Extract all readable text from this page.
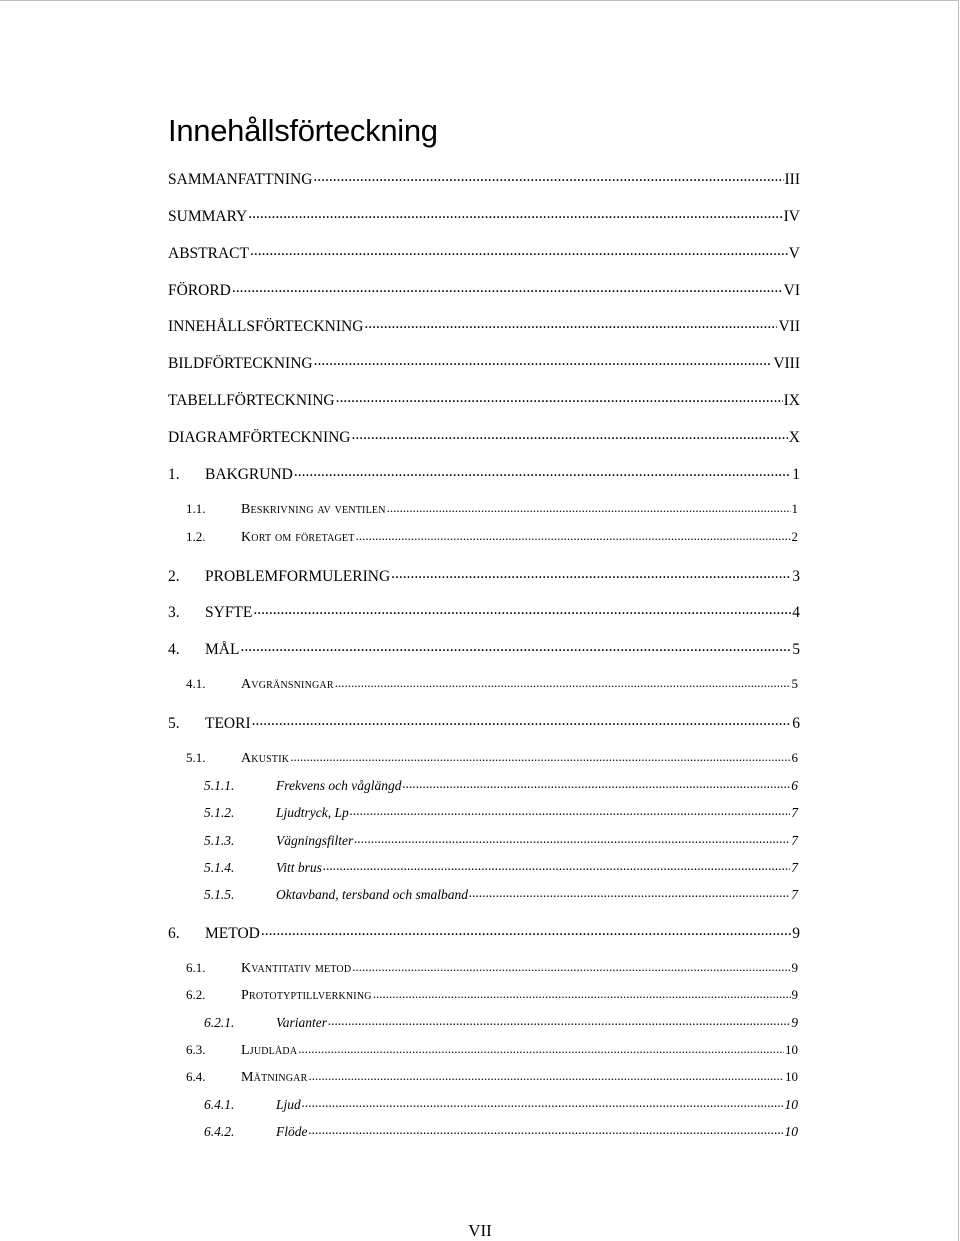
Innehållsförteckning
SAMMANFATTNING .....	III
SUMMARY .....	IV
ABSTRACT .....	V
FÖRORD .....	VI
INNEHÅLLSFÖRTECKNING .....	VII
BILDFÖRTECKNING .....	VIII
TABELLFÖRTECKNING .....	IX
DIAGRAMFÖRTECKNING .....	X
1.	BAKGRUND .....	1
1.1.	Beskrivning av ventilen .....	1
1.2.	Kort om företaget .....	2
2.	PROBLEMFORMULERING .....	3
3.	SYFTE .....	4
4.	MÅL .....	5
4.1.	Avgränsningar .....	5
5.	TEORI .....	6
5.1.	Akustik .....	6
5.1.1.	Frekvens och våglängd .....	6
5.1.2.	Ljudtryck, Lp .....	7
5.1.3.	Vägningsfilter .....	7
5.1.4.	Vitt brus .....	7
5.1.5.	Oktavband, tersband och smalband .....	7
6.	METOD .....	9
6.1.	Kvantitativ metod .....	9
6.2.	Prototyptillverkning .....	9
6.2.1.	Varianter .....	9
6.3.	Ljudlåda .....	10
6.4.	Mätningar .....	10
6.4.1.	Ljud .....	10
6.4.2.	Flöde .....	10

VII
